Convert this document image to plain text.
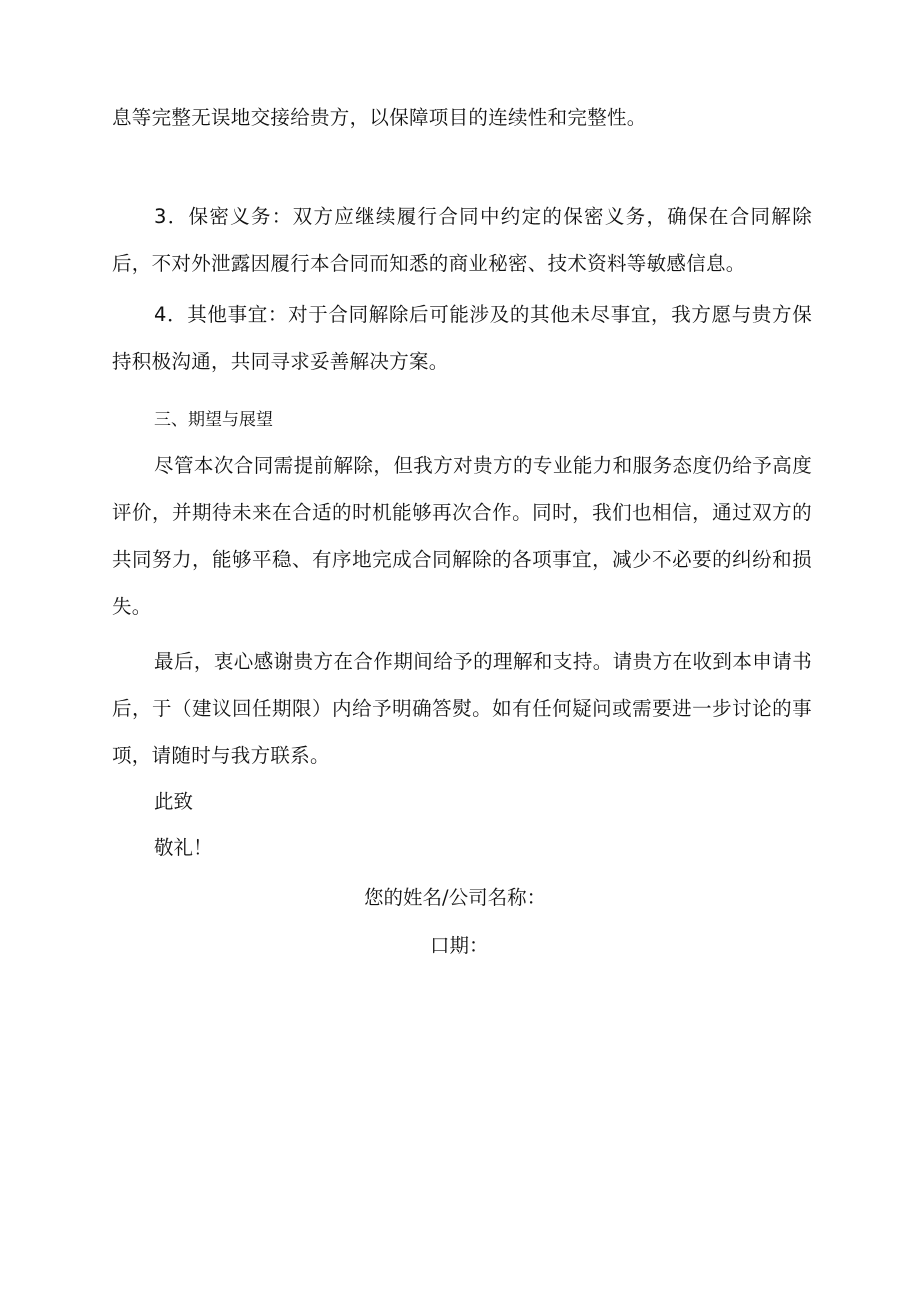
息等完整无误地交接给贵方，以保障项目的连续性和完整性。

3．保密义务：双方应继续履行合同中约定的保密义务，确保在合同解除后，不对外泄露因履行本合同而知悉的商业秘密、技术资料等敏感信息。

4．其他事宜：对于合同解除后可能涉及的其他未尽事宜，我方愿与贵方保持积极沟通，共同寻求妥善解决方案。

三、期望与展望

尽管本次合同需提前解除，但我方对贵方的专业能力和服务态度仍给予高度评价，并期待未来在合适的时机能够再次合作。同时，我们也相信，通过双方的共同努力，能够平稳、有序地完成合同解除的各项事宜，减少不必要的纠纷和损失。

最后，衷心感谢贵方在合作期间给予的理解和支持。请贵方在收到本申请书后，于（建议回任期限）内给予明确答熨。如有任何疑问或需要进一步讨论的事项，请随时与我方联系。

此致

敬礼！

您的姓名/公司名称：

口期：
